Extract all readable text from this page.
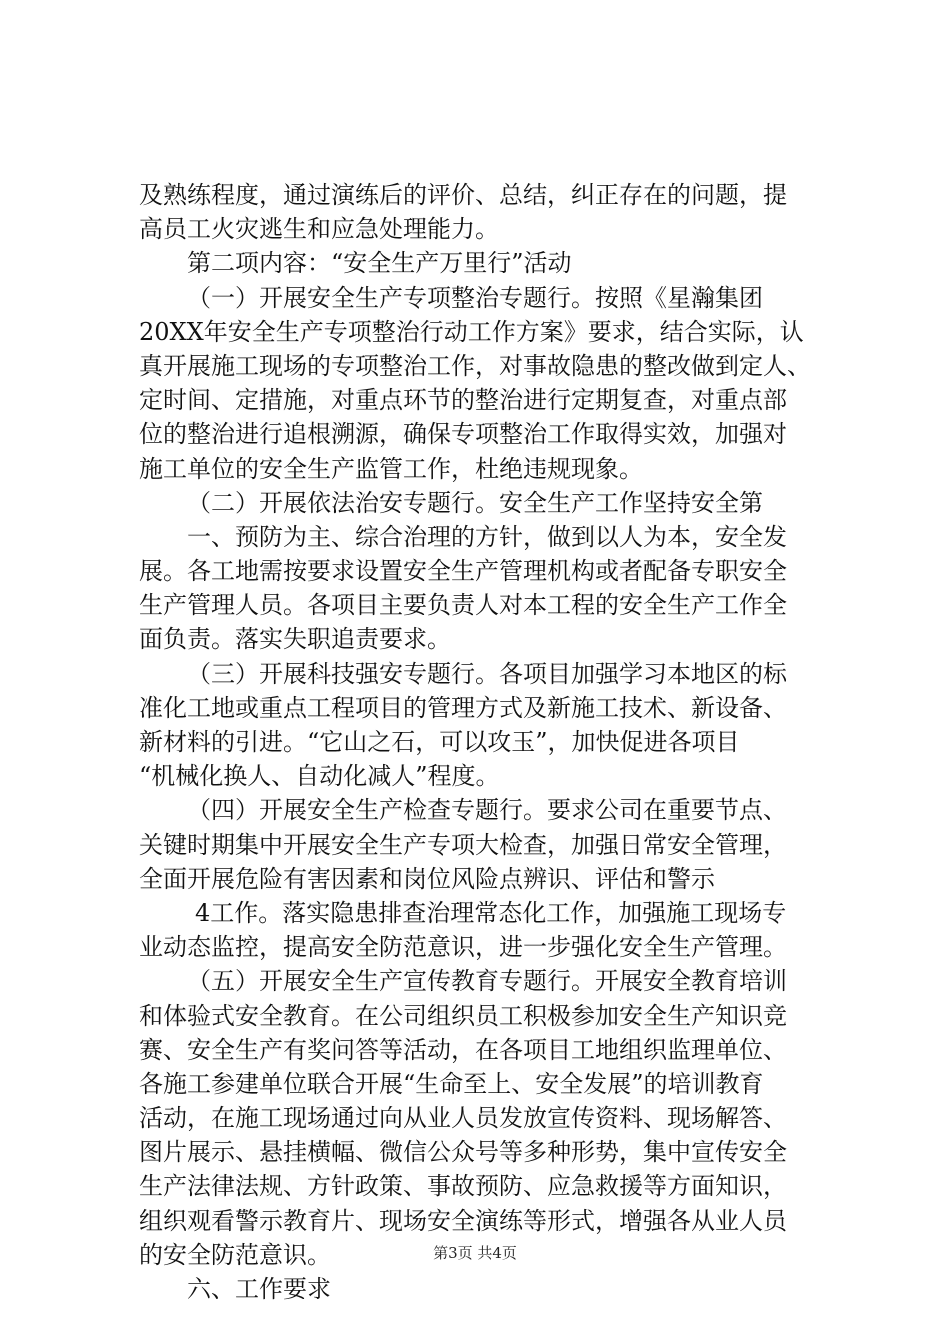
及熟练程度，通过演练后的评价、总结，纠正存在的问题，提
高员工火灾逃生和应急处理能力。
第二项内容：“安全生产万里行”活动
（一）开展安全生产专项整治专题行。按照《星瀚集团
20XX年安全生产专项整治行动工作方案》要求，结合实际，认
真开展施工现场的专项整治工作，对事故隐患的整改做到定人、
定时间、定措施，对重点环节的整治进行定期复查，对重点部
位的整治进行追根溯源，确保专项整治工作取得实效，加强对
施工单位的安全生产监管工作，杜绝违规现象。
（二）开展依法治安专题行。安全生产工作坚持安全第
一、预防为主、综合治理的方针，做到以人为本，安全发
展。各工地需按要求设置安全生产管理机构或者配备专职安全
生产管理人员。各项目主要负责人对本工程的安全生产工作全
面负责。落实失职追责要求。
（三）开展科技强安专题行。各项目加强学习本地区的标
准化工地或重点工程项目的管理方式及新施工技术、新设备、
新材料的引进。“它山之石，可以攻玉”，加快促进各项目
“机械化换人、自动化减人”程度。
（四）开展安全生产检查专题行。要求公司在重要节点、
关键时期集中开展安全生产专项大检查，加强日常安全管理，
全面开展危险有害因素和岗位风险点辨识、评估和警示
4工作。落实隐患排查治理常态化工作，加强施工现场专
业动态监控，提高安全防范意识，进一步强化安全生产管理。
（五）开展安全生产宣传教育专题行。开展安全教育培训
和体验式安全教育。在公司组织员工积极参加安全生产知识竞
赛、安全生产有奖问答等活动，在各项目工地组织监理单位、
各施工参建单位联合开展“生命至上、安全发展”的培训教育
活动，在施工现场通过向从业人员发放宣传资料、现场解答、
图片展示、悬挂横幅、微信公众号等多种形势，集中宣传安全
生产法律法规、方针政策、事故预防、应急救援等方面知识，
组织观看警示教育片、现场安全演练等形式，增强各从业人员
的安全防范意识。
六、工作要求
第3页 共4页
